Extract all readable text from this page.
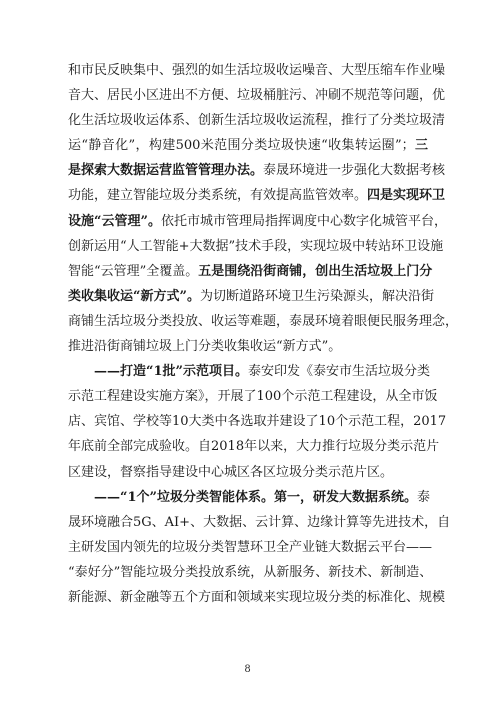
和市民反映集中、强烈的如生活垃圾收运噪音、大型压缩车作业噪
音大、居民小区进出不方便、垃圾桶脏污、冲刷不规范等问题，优
化生活垃圾收运体系、创新生活垃圾收运流程，推行了分类垃圾清
运“静音化”，构建500米范围分类垃圾快速“收集转运圈”；三
是探索大数据运营监管管理办法。泰晟环境进一步强化大数据考核
功能，建立智能垃圾分类系统，有效提高监管效率。四是实现环卫
设施“云管理”。依托市城市管理局指挥调度中心数字化城管平台，
创新运用“人工智能+大数据”技术手段，实现垃圾中转站环卫设施
智能“云管理”全覆盖。五是围绕沿街商铺，创出生活垃圾上门分
类收集收运“新方式”。为切断道路环境卫生污染源头，解决沿街
商铺生活垃圾分类投放、收运等难题，泰晟环境着眼便民服务理念，
推进沿街商铺垃圾上门分类收集收运“新方式”。
——打造“1批”示范项目。泰安印发《泰安市生活垃圾分类
示范工程建设实施方案》，开展了100个示范工程建设，从全市饭
店、宾馆、学校等10大类中各选取并建设了10个示范工程，2017
年底前全部完成验收。自2018年以来，大力推行垃圾分类示范片
区建设，督察指导建设中心城区各区垃圾分类示范片区。
——“1个”垃圾分类智能体系。第一，研发大数据系统。泰
晟环境融合5G、AI+、大数据、云计算、边缘计算等先进技术，自
主研发国内领先的垃圾分类智慧环卫全产业链大数据云平台——
“泰好分”智能垃圾分类投放系统，从新服务、新技术、新制造、
新能源、新金融等五个方面和领域来实现垃圾分类的标准化、规模
8
